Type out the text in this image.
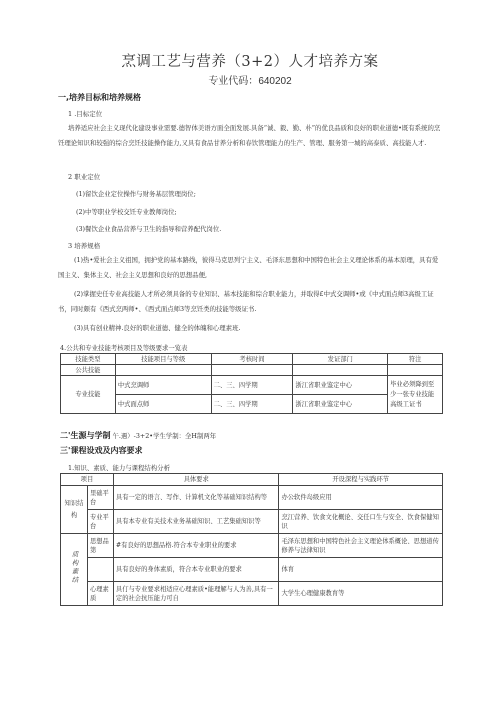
烹调工艺与营养（3+2）人才培养方案
专业代码：640202
一,培养目标和培养规格
1 .目标定位
培养适应社会主义现代化建设事业需要.德智体美语方面全面发展.具备“诚、毅、勤、朴”的优良品质和良好的职业道德•既有系统的烹饪理论知识和较强的综合烹饪技能操作能力,又具有食品甘养分析和春饮管理能力的生产、管理、服务第一城的高泰质、高技能人才.
2 职业定位
(1)留饮企业定位操作与财务基层管理岗位;
(2)中等职业学校交饪专业教师岗位;
(3)餐饮企业食品营养与卫生的指导和营养配代岗位.
3 培养规格
(1)热•爱社会主义祖国，拥护党的基本路线，彼得马克思列宁主义、毛泽东思想和中国特色社会主义理论体系的基本原理，具有爱国主义、集体主义、社会主义思想和良好的思想品便,
(2)掌握史任专业高技能人才所必须具备的专业知识、基本技能和综合职业能力，并取得£中式交调师•或《中式面点师3高级工证书，同时颇有《西式烹两师•、《西式面点师3等烹饪类的技能等级证书.
(3)具有创业精神.良好的职业道德、健全的体魄和心理素班.
4.公共和专业技能考核项目及等级要求一览表
技能类型	技能项目与等级	考核时间	发证部门	符注
公共技能				
专业技能	中式烹调师	二、三、四学期	浙江省职业鉴定中心	毕业必须降到至少一张专业技能高级工证书
	中式面点师	二、三、四学期	浙江省职业鉴定中心	
二'生源与学制 午.遇）-3+2•学生学制：全H制两年
三'课程设戏及内容要求
1.知识、素质、能力与课程结构分析
项目		具体要求	开设深程与实践环节
知识结构	里础平台	具有一定的语言、写作、计算机文化等基础知识结构等	办公软件岛级应用
	专业平台	具有本专业有关技术业务基础知识、工艺集础知识等	烹江营养、饮食文化概论、交任口生与安全、饮食保健知识
质构素结	思想品第	#有良好的思想品格.符合本专业职业的要求	毛泽东思想和中国特色社会主义理论体系概论、思想道传修养与法律知识
		具有良好的身体素质，符合本专业职业的要求	体育
	心理素质	具仃与专业要求相适应心理素质•能理解与人为善,具有一定的社会抗压能力可自	大学生心理健康教育等
